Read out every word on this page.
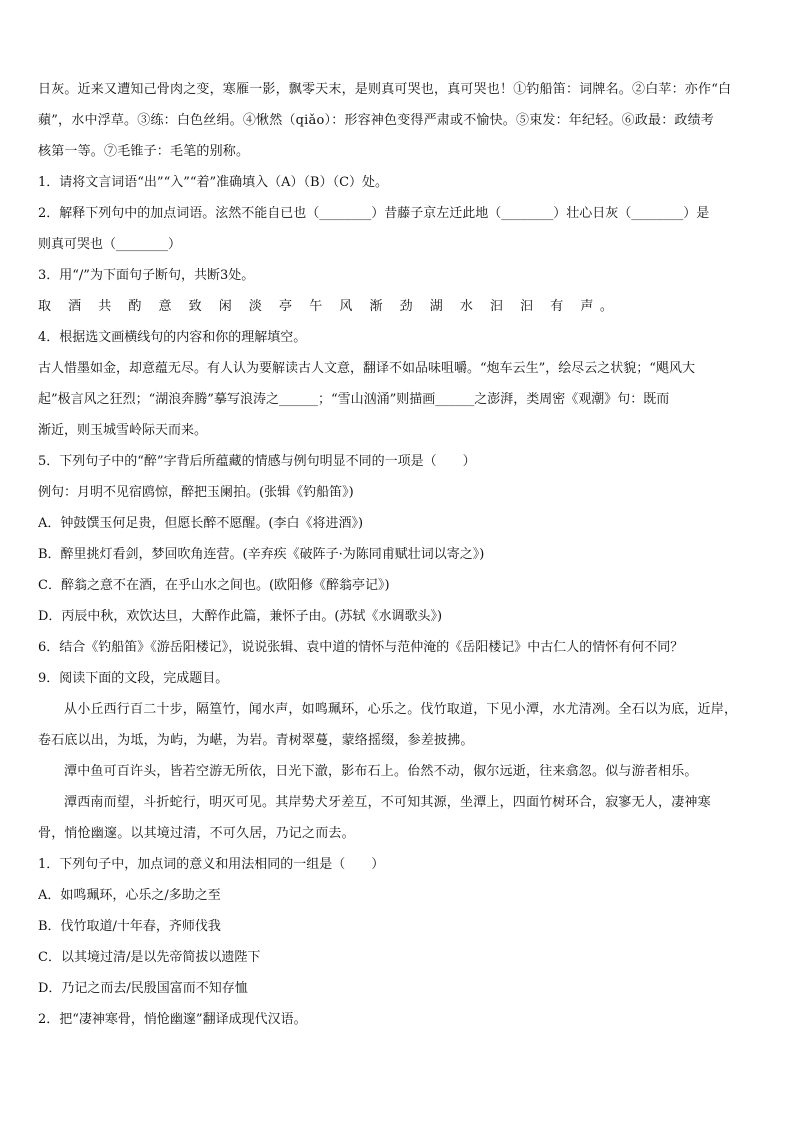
日灰。近来又遭知己骨肉之变，寒雁一影，飘零天末，是则真可哭也，真可哭也！①钓船笛：词牌名。②白苹：亦作“白
蘋”，水中浮草。③练：白色丝绢。④愀然（qiǎo）：形容神色变得严肃或不愉快。⑤束发：年纪轻。⑥政最：政绩考
核第一等。⑦毛锥子：毛笔的别称。
1．请将文言词语“出”“入”“着”准确填入（A）（B）（C）处。
2．解释下列句中的加点词语。泫然不能自已也（________）昔藤子京左迁此地（________）壮心日灰（________）是
则真可哭也（________）
3．用“/”为下面句子断句，共断3处。
取 酒 共 酌 意 致 闲 淡 亭 午 风 渐 劲 湖 水 汩 汩 有 声。
4．根据选文画横线句的内容和你的理解填空。
古人惜墨如金，却意蕴无尽。有人认为要解读古人文意，翻译不如品味咀嚼。“炮车云生”，绘尽云之状貌；“飓风大
起”极言风之狂烈；“湖浪奔腾”摹写浪涛之______；“雪山汹涌”则描画______之澎湃，类周密《观潮》句：既而
渐近，则玉城雪岭际天而来。
5．下列句子中的“醉”字背后所蕴藏的情感与例句明显不同的一项是（　　）
例句：月明不见宿鸥惊，醉把玉阑拍。(张辑《钓船笛》)
A．钟鼓馔玉何足贵，但愿长醉不愿醒。(李白《将进酒》)
B．醉里挑灯看剑，梦回吹角连营。(辛弃疾《破阵子·为陈同甫赋壮词以寄之》)
C．醉翁之意不在酒，在乎山水之间也。(欧阳修《醉翁亭记》)
D．丙辰中秋，欢饮达旦，大醉作此篇，兼怀子由。(苏轼《水调歌头》)
6．结合《钓船笛》《游岳阳楼记》，说说张辑、袁中道的情怀与范仲淹的《岳阳楼记》中古仁人的情怀有何不同？
9．阅读下面的文段，完成题目。
从小丘西行百二十步，隔篁竹，闻水声，如鸣珮环，心乐之。伐竹取道，下见小潭，水尤清冽。全石以为底，近岸，
卷石底以出，为坻，为屿，为嵁，为岩。青树翠蔓，蒙络摇缀，参差披拂。
潭中鱼可百许头，皆若空游无所依，日光下澈，影布石上。佁然不动，俶尔远逝，往来翕忽。似与游者相乐。
潭西南而望，斗折蛇行，明灭可见。其岸势犬牙差互，不可知其源，坐潭上，四面竹树环合，寂寥无人，凄神寒
骨，悄怆幽邃。以其境过清，不可久居，乃记之而去。
1．下列句子中，加点词的意义和用法相同的一组是（　　）
A．如鸣珮环，心乐之/多助之至
B．伐竹取道/十年春，齐师伐我
C．以其境过清/是以先帝简拔以遗陛下
D．乃记之而去/民殷国富而不知存恤
2．把“凄神寒骨，悄怆幽邃”翻译成现代汉语。
